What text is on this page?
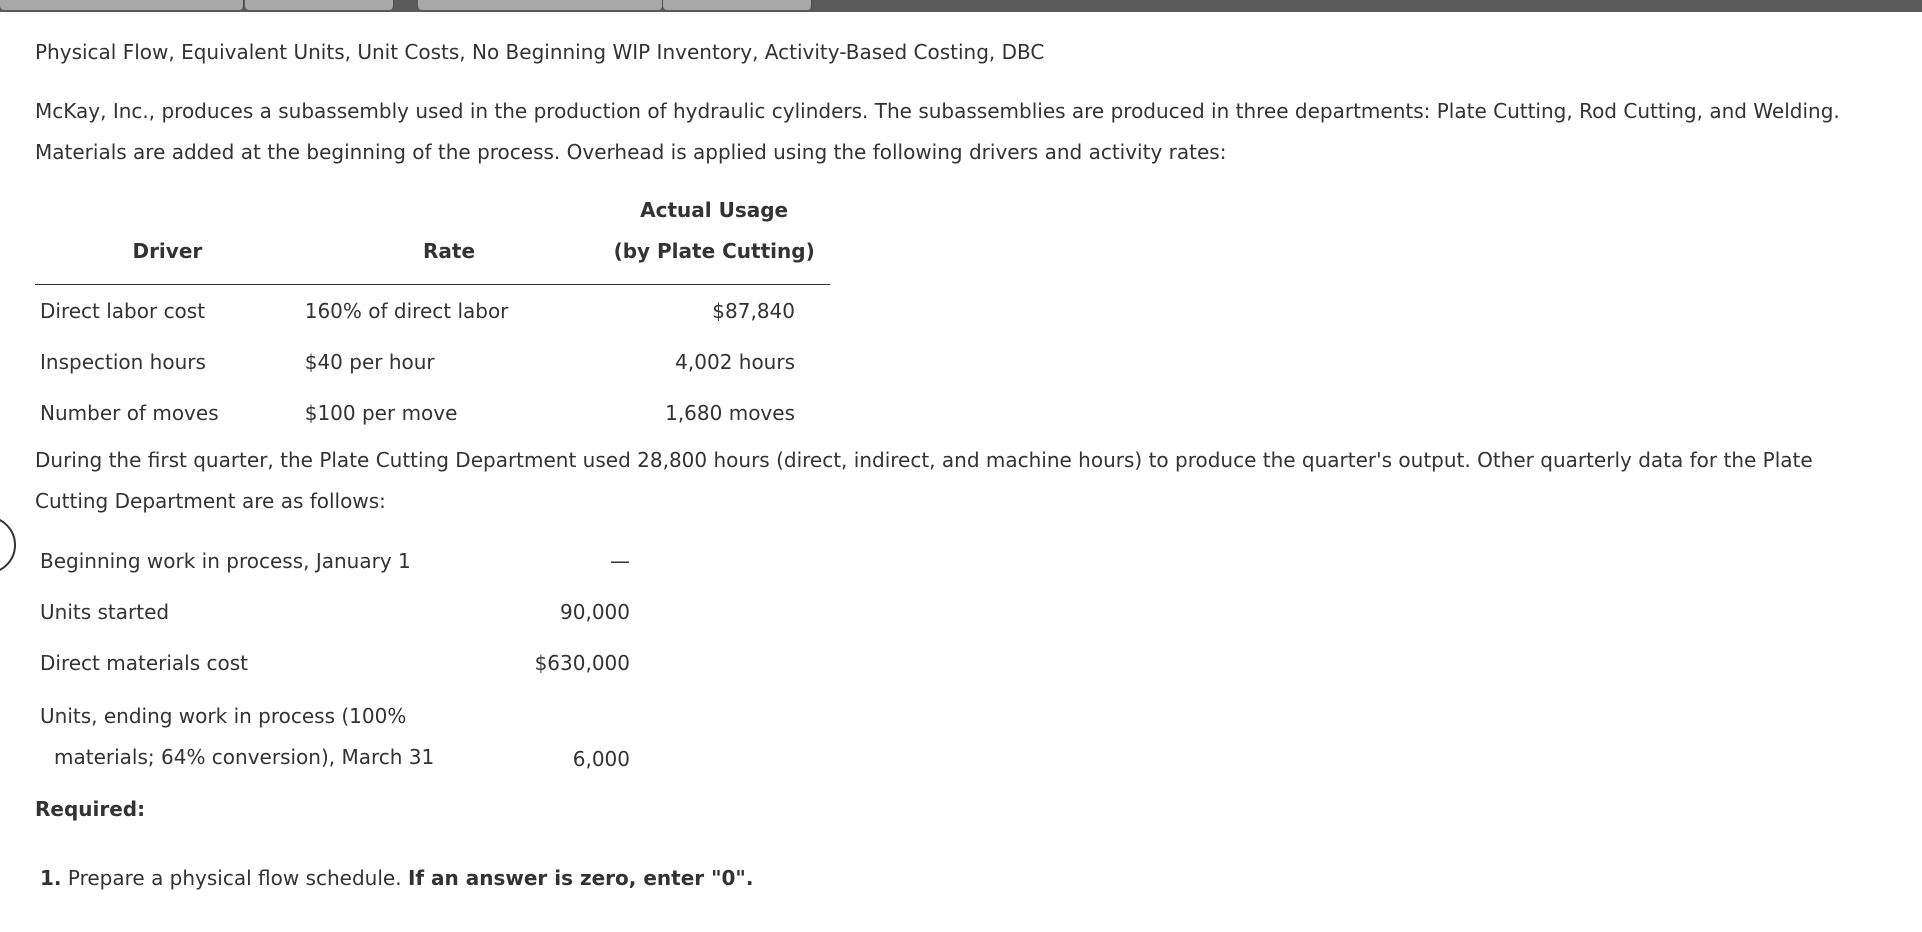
Physical Flow, Equivalent Units, Unit Costs, No Beginning WIP Inventory, Activity-Based Costing, DBC
McKay, Inc., produces a subassembly used in the production of hydraulic cylinders. The subassemblies are produced in three departments: Plate Cutting, Rod Cutting, and Welding.
Materials are added at the beginning of the process. Overhead is applied using the following drivers and activity rates:
Driver	Rate	Actual Usage
(by Plate Cutting)

Direct labor cost	160% of direct labor	$87,840
Inspection hours	$40 per hour	4,002 hours
Number of moves	$100 per move	1,680 moves
During the first quarter, the Plate Cutting Department used 28,800 hours (direct, indirect, and machine hours) to produce the quarter's output. Other quarterly data for the Plate
Cutting Department are as follows:
Beginning work in process, January 1	—
Units started	90,000
Direct materials cost	$630,000

Units, ending work in process (100%
materials; 64% conversion), March 31	6,000
Required:
1. Prepare a physical flow schedule. If an answer is zero, enter "0".
